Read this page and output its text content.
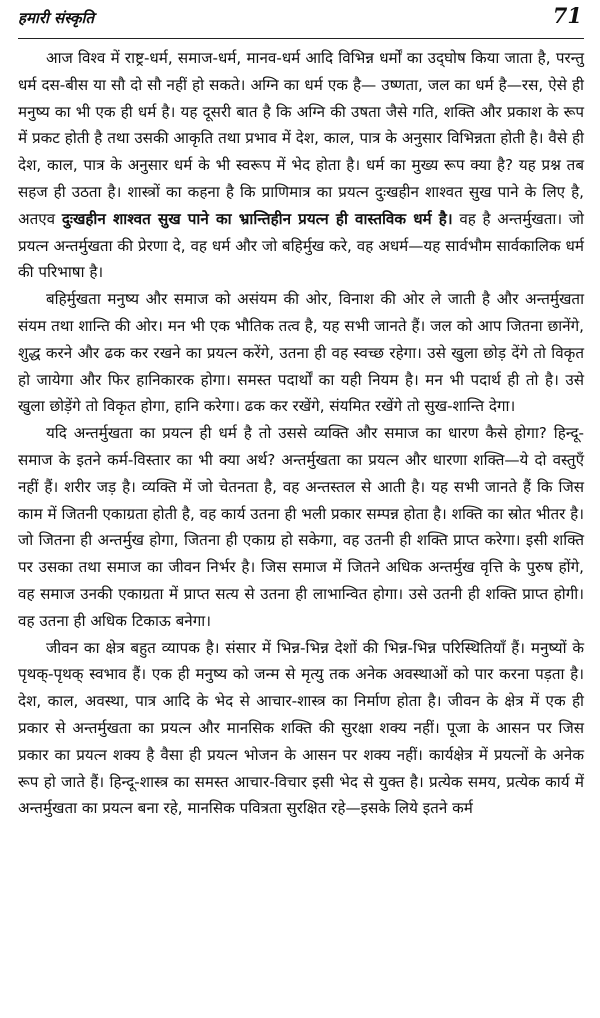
हमारी संस्कृति	71

आज विश्व में राष्ट्र-धर्म, समाज-धर्म, मानव-धर्म आदि विभिन्न धर्मों का उद्‌घोष किया जाता है, परन्तु धर्म दस-बीस या सौ दो सौ नहीं हो सकते। अग्नि का धर्म एक है— उष्णता, जल का धर्म है—रस, ऐसे ही मनुष्य का भी एक ही धर्म है। यह दूसरी बात है कि अग्नि की उषता जैसे गति, शक्ति और प्रकाश के रूप में प्रकट होती है तथा उसकी आकृति तथा प्रभाव में देश, काल, पात्र के अनुसार विभिन्नता होती है। वैसे ही देश, काल, पात्र के अनुसार धर्म के भी स्वरूप में भेद होता है। धर्म का मुख्य रूप क्या है? यह प्रश्न तब सहज ही उठता है। शास्त्रों का कहना है कि प्राणिमात्र का प्रयत्न दुःखहीन शाश्वत सुख पाने के लिए है, अतएव दुःखहीन शाश्वत सुख पाने का भ्रान्तिहीन प्रयत्न ही वास्तविक धर्म है। वह है अन्तर्मुखता। जो प्रयत्न अन्तर्मुखता की प्रेरणा दे, वह धर्म और जो बहिर्मुख करे, वह अधर्म—यह सार्वभौम सार्वकालिक धर्म की परिभाषा है।

बहिर्मुखता मनुष्य और समाज को असंयम की ओर, विनाश की ओर ले जाती है और अन्तर्मुखता संयम तथा शान्ति की ओर। मन भी एक भौतिक तत्व है, यह सभी जानते हैं। जल को आप जितना छानेंगे, शुद्ध करने और ढक कर रखने का प्रयत्न करेंगे, उतना ही वह स्वच्छ रहेगा। उसे खुला छोड़ देंगे तो विकृत हो जायेगा और फिर हानिकारक होगा। समस्त पदार्थों का यही नियम है। मन भी पदार्थ ही तो है। उसे खुला छोड़ेंगे तो विकृत होगा, हानि करेगा। ढक कर रखेंगे, संयमित रखेंगे तो सुख-शान्ति देगा।

यदि अन्तर्मुखता का प्रयत्न ही धर्म है तो उससे व्यक्ति और समाज का धारण कैसे होगा? हिन्दू-समाज के इतने कर्म-विस्तार का भी क्या अर्थ? अन्तर्मुखता का प्रयत्न और धारणा शक्ति—ये दो वस्तुएँ नहीं हैं। शरीर जड़ है। व्यक्ति में जो चेतनता है, वह अन्तस्तल से आती है। यह सभी जानते हैं कि जिस काम में जितनी एकाग्रता होती है, वह कार्य उतना ही भली प्रकार सम्पन्न होता है। शक्ति का स्रोत भीतर है। जो जितना ही अन्तर्मुख होगा, जितना ही एकाग्र हो सकेगा, वह उतनी ही शक्ति प्राप्त करेगा। इसी शक्ति पर उसका तथा समाज का जीवन निर्भर है। जिस समाज में जितने अधिक अन्तर्मुख वृत्ति के पुरुष होंगे, वह समाज उनकी एकाग्रता में प्राप्त सत्य से उतना ही लाभान्वित होगा। उसे उतनी ही शक्ति प्राप्त होगी। वह उतना ही अधिक टिकाऊ बनेगा।

जीवन का क्षेत्र बहुत व्यापक है। संसार में भिन्न-भिन्न देशों की भिन्न-भिन्न परिस्थितियाँ हैं। मनुष्यों के पृथक्-पृथक् स्वभाव हैं। एक ही मनुष्य को जन्म से मृत्यु तक अनेक अवस्थाओं को पार करना पड़ता है। देश, काल, अवस्था, पात्र आदि के भेद से आचार-शास्त्र का निर्माण होता है। जीवन के क्षेत्र में एक ही प्रकार से अन्तर्मुखता का प्रयत्न और मानसिक शक्ति की सुरक्षा शक्य नहीं। पूजा के आसन पर जिस प्रकार का प्रयत्न शक्य है वैसा ही प्रयत्न भोजन के आसन पर शक्य नहीं। कार्यक्षेत्र में प्रयत्नों के अनेक रूप हो जाते हैं। हिन्दू-शास्त्र का समस्त आचार-विचार इसी भेद से युक्त है। प्रत्येक समय, प्रत्येक कार्य में अन्तर्मुखता का प्रयत्न बना रहे, मानसिक पवित्रता सुरक्षित रहे—इसके लिये इतने कर्म
